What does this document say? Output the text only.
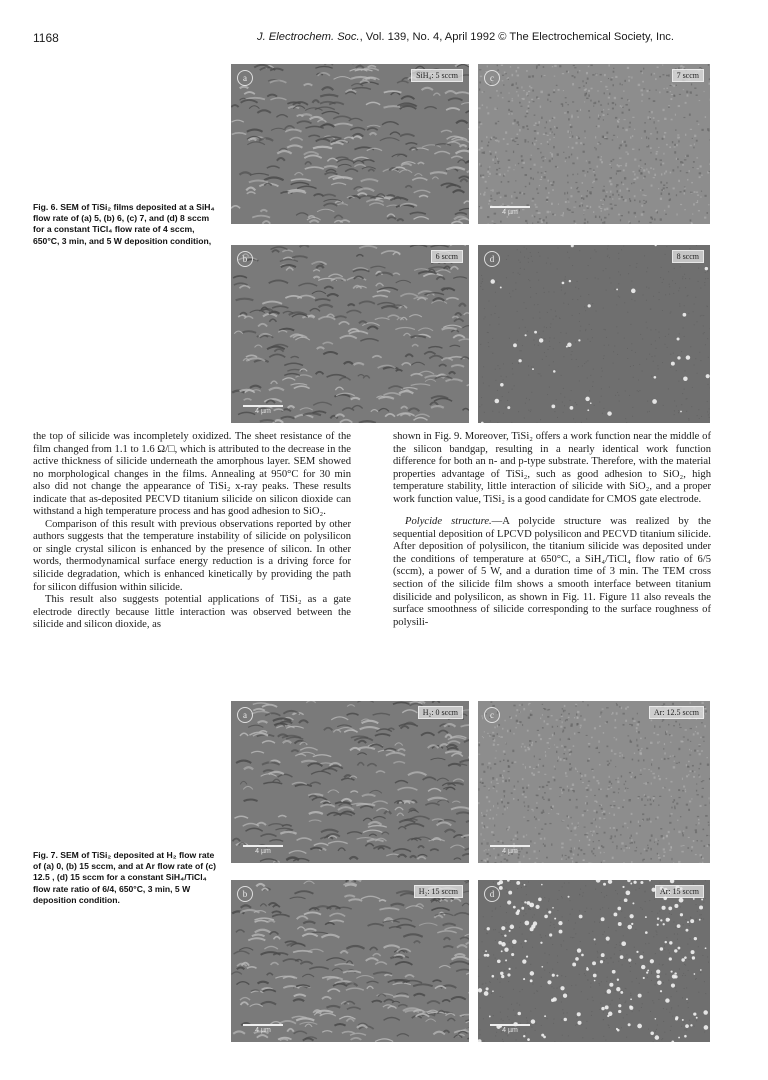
1168	J. Electrochem. Soc., Vol. 139, No. 4, April 1992 © The Electrochemical Society, Inc.
Fig. 6. SEM of TiSi₂ films deposited at a SiH₄ flow rate of (a) 5, (b) 6, (c) 7, and (d) 8 sccm for a constant TiCl₄ flow rate of 4 sccm, 650°C, 3 min, and 5 W deposition condition,
a	SiH₄: 5 sccm	c	7 sccm
4 µm
b	6 sccm
4 µm
d	8 sccm

the top of silicide was incompletely oxidized. The sheet resistance of the film changed from 1.1 to 1.6 Ω/□, which is attributed to the decrease in the active thickness of silicide underneath the amorphous layer. SEM showed no morphological changes in the films. Annealing at 950°C for 30 min also did not change the appearance of TiSi₂ x-ray peaks. These results indicate that as-deposited PECVD titanium silicide on silicon dioxide can withstand a high temperature process and has good adhesion to SiO₂.

Comparison of this result with previous observations reported by other authors suggests that the temperature instability of silicide on polysilicon or single crystal silicon is enhanced by the presence of silicon. In other words, thermodynamical surface energy reduction is a driving force for silicide degradation, which is enhanced kinetically by providing the path for silicon diffusion within silicide.

This result also suggests potential applications of TiSi₂ as a gate electrode directly because little interaction was observed between the silicide and silicon dioxide, as

shown in Fig. 9. Moreover, TiSi₂ offers a work function near the middle of the silicon bandgap, resulting in a nearly identical work function difference for both an n- and p-type substrate. Therefore, with the material properties advantage of TiSi₂, such as good adhesion to SiO₂, high temperature stability, little interaction of silicide with SiO₂, and a proper work function value, TiSi₂ is a good candidate for CMOS gate electrode.

Polycide structure.—A polycide structure was realized by the sequential deposition of LPCVD polysilicon and PECVD titanium silicide. After deposition of polysilicon, the titanium silicide was deposited under the conditions of temperature at 650°C, a SiH₄/TiCl₄ flow ratio of 6/5 (sccm), a power of 5 W, and a duration time of 3 min. The TEM cross section of the silicide film shows a smooth interface between titanium disilicide and polysilicon, as shown in Fig. 11. Figure 11 also reveals the surface smoothness of silicide corresponding to the surface roughness of polysili-

Fig. 7. SEM of TiSi₂ deposited at H₂ flow rate of (a) 0, (b) 15 sccm, and at Ar flow rate of (c) 12.5 , (d) 15 sccm for a constant SiH₄/TiCl₄ flow rate ratio of 6/4, 650°C, 3 min, 5 W deposition condition.
a	H₂: 0 sccm
4 µm
c	Ar: 12.5 sccm
4 µm
b	H₂: 15 sccm
4 µm
d	Ar: 15 sccm
4 µm
